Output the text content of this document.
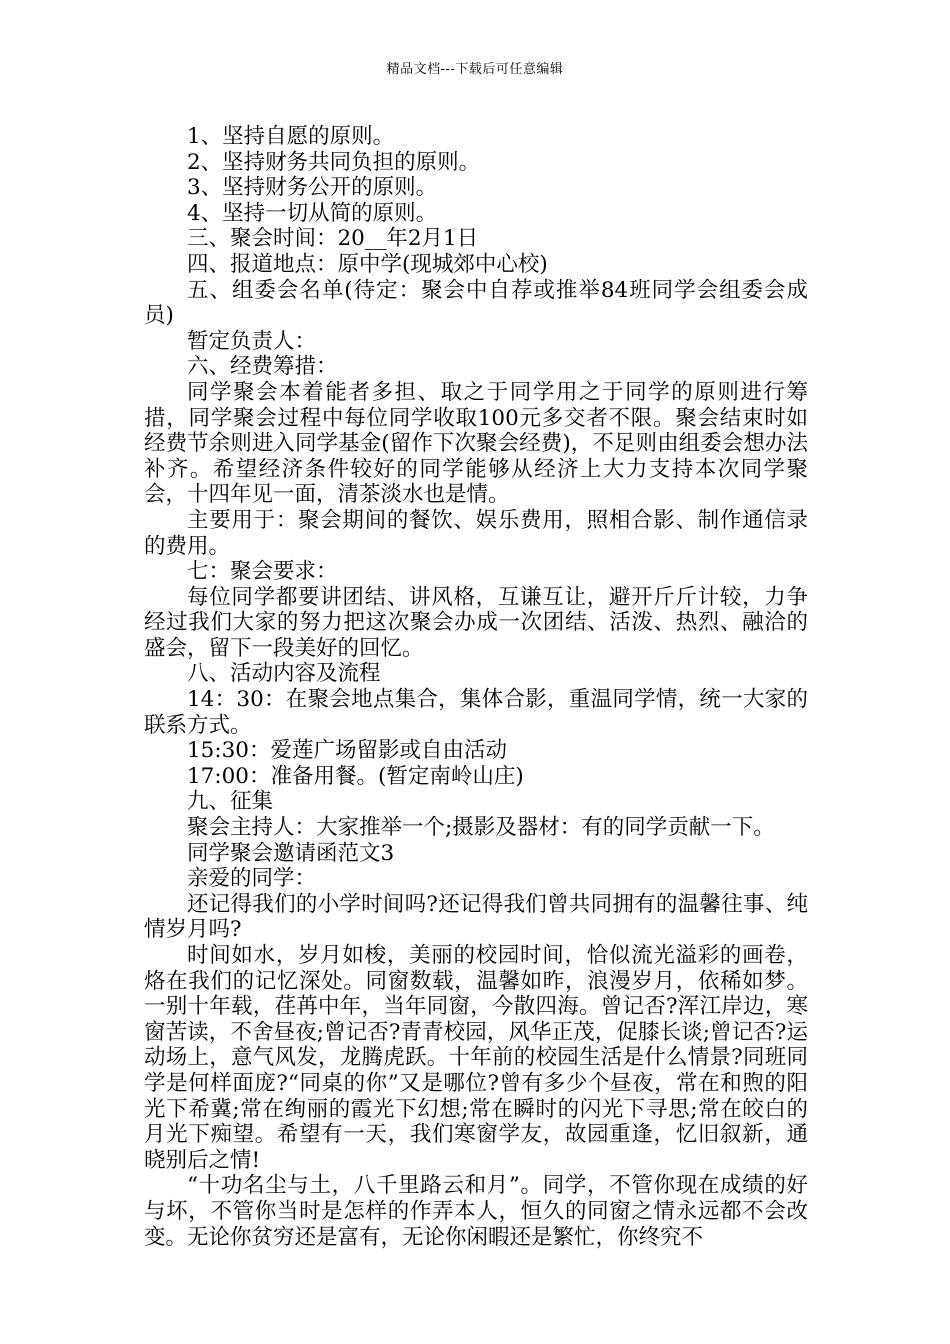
精品文档---下载后可任意编辑

1、坚持自愿的原则。

2、坚持财务共同负担的原则。

3、坚持财务公开的原则。

4、坚持一切从简的原则。

三、聚会时间：20__年2月1日

四、报道地点：原中学(现城郊中心校)

五、组委会名单(待定：聚会中自荐或推举84班同学会组委会成员)

暂定负责人：

六、经费筹措：

同学聚会本着能者多担、取之于同学用之于同学的原则进行筹措，同学聚会过程中每位同学收取100元多交者不限。聚会结束时如经费节余则进入同学基金(留作下次聚会经费)，不足则由组委会想办法补齐。希望经济条件较好的同学能够从经济上大力支持本次同学聚会，十四年见一面，清茶淡水也是情。

主要用于：聚会期间的餐饮、娱乐费用，照相合影、制作通信录的费用。

七：聚会要求：

每位同学都要讲团结、讲风格，互谦互让，避开斤斤计较，力争经过我们大家的努力把这次聚会办成一次团结、活泼、热烈、融洽的盛会，留下一段美好的回忆。

八、活动内容及流程

14：30：在聚会地点集合，集体合影，重温同学情，统一大家的联系方式。

15:30：爱莲广场留影或自由活动

17:00：准备用餐。(暂定南岭山庄)

九、征集

聚会主持人：大家推举一个;摄影及器材：有的同学贡献一下。

同学聚会邀请函范文3

亲爱的同学：

还记得我们的小学时间吗?还记得我们曾共同拥有的温馨往事、纯情岁月吗?

时间如水，岁月如梭，美丽的校园时间，恰似流光溢彩的画卷，烙在我们的记忆深处。同窗数载，温馨如昨，浪漫岁月，依稀如梦。一别十年载，荏苒中年，当年同窗，今散四海。曾记否?浑江岸边，寒窗苦读，不舍昼夜;曾记否?青青校园，风华正茂，促膝长谈;曾记否?运动场上，意气风发，龙腾虎跃。十年前的校园生活是什么情景?同班同学是何样面庞?“同桌的你”又是哪位?曾有多少个昼夜，常在和煦的阳光下希冀;常在绚丽的霞光下幻想;常在瞬时的闪光下寻思;常在皎白的月光下痴望。希望有一天，我们寒窗学友，故园重逢，忆旧叙新，通晓别后之情!

“十功名尘与土，八千里路云和月”。同学，不管你现在成绩的好与坏，不管你当时是怎样的作弄本人，恒久的同窗之情永远都不会改变。无论你贫穷还是富有，无论你闲暇还是繁忙，你终究不
